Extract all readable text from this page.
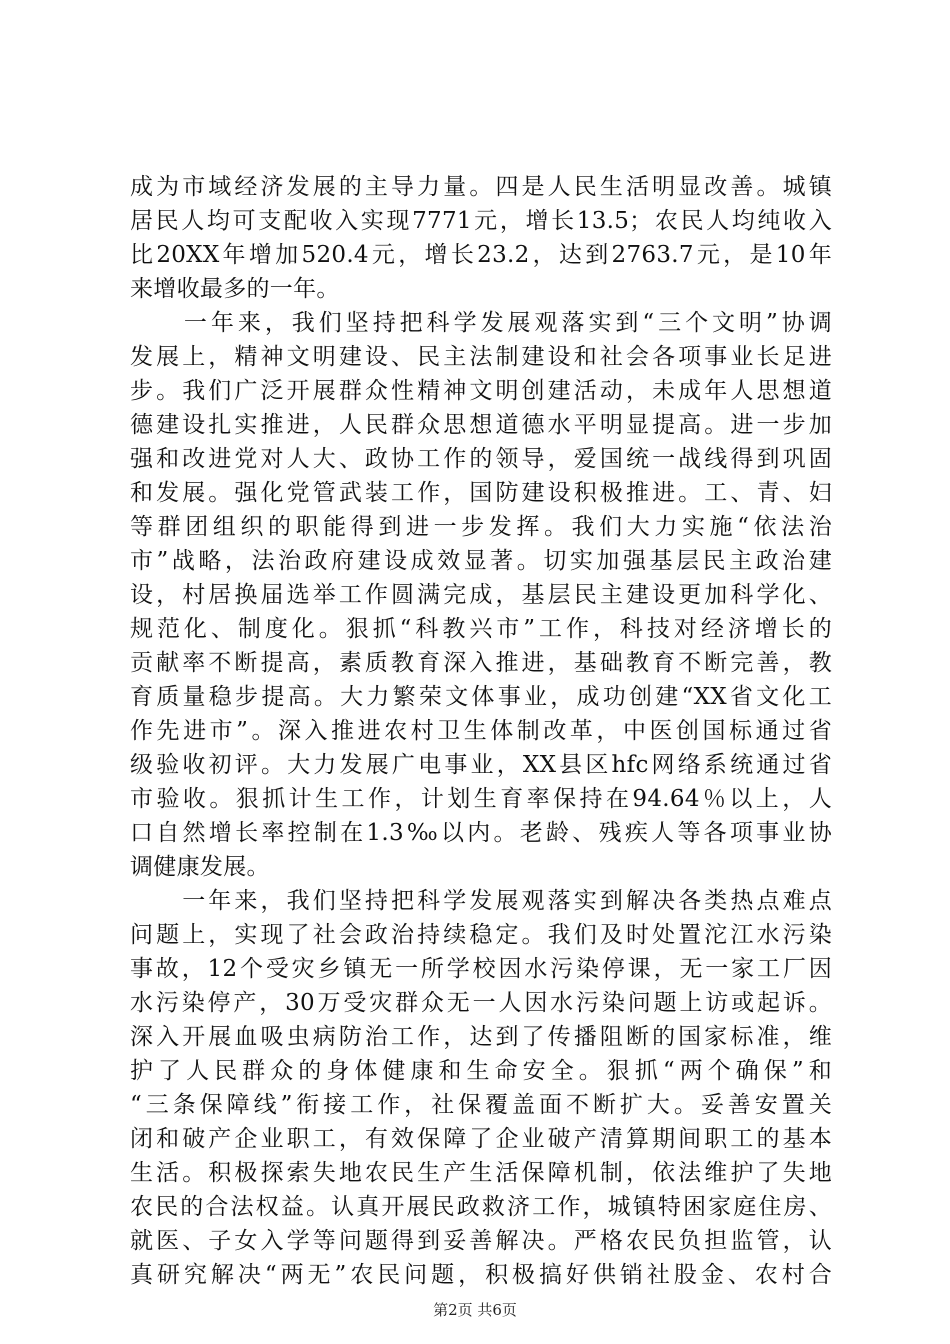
成为市域经济发展的主导力量。四是人民生活明显改善。城镇
居民人均可支配收入实现7771元，增长13.5；农民人均纯收入
比20XX年增加520.4元，增长23.2，达到2763.7元，是10年
来增收最多的一年。
　　一年来，我们坚持把科学发展观落实到“三个文明”协调
发展上，精神文明建设、民主法制建设和社会各项事业长足进
步。我们广泛开展群众性精神文明创建活动，未成年人思想道
德建设扎实推进，人民群众思想道德水平明显提高。进一步加
强和改进党对人大、政协工作的领导，爱国统一战线得到巩固
和发展。强化党管武装工作，国防建设积极推进。工、青、妇
等群团组织的职能得到进一步发挥。我们大力实施“依法治
市”战略，法治政府建设成效显著。切实加强基层民主政治建
设，村居换届选举工作圆满完成，基层民主建设更加科学化、
规范化、制度化。狠抓“科教兴市”工作，科技对经济增长的
贡献率不断提高，素质教育深入推进，基础教育不断完善，教
育质量稳步提高。大力繁荣文体事业，成功创建“XX省文化工
作先进市”。深入推进农村卫生体制改革，中医创国标通过省
级验收初评。大力发展广电事业，XX县区hfc网络系统通过省
市验收。狠抓计生工作，计划生育率保持在94.64％以上，人
口自然增长率控制在1.3‰以内。老龄、残疾人等各项事业协
调健康发展。
　　一年来，我们坚持把科学发展观落实到解决各类热点难点
问题上，实现了社会政治持续稳定。我们及时处置沱江水污染
事故，12个受灾乡镇无一所学校因水污染停课，无一家工厂因
水污染停产，30万受灾群众无一人因水污染问题上访或起诉。
深入开展血吸虫病防治工作，达到了传播阻断的国家标准，维
护了人民群众的身体健康和生命安全。狠抓“两个确保”和
“三条保障线”衔接工作，社保覆盖面不断扩大。妥善安置关
闭和破产企业职工，有效保障了企业破产清算期间职工的基本
生活。积极探索失地农民生产生活保障机制，依法维护了失地
农民的合法权益。认真开展民政救济工作，城镇特困家庭住房、
就医、子女入学等问题得到妥善解决。严格农民负担监管，认
真研究解决“两无”农民问题，积极搞好供销社股金、农村合
第2页 共6页
